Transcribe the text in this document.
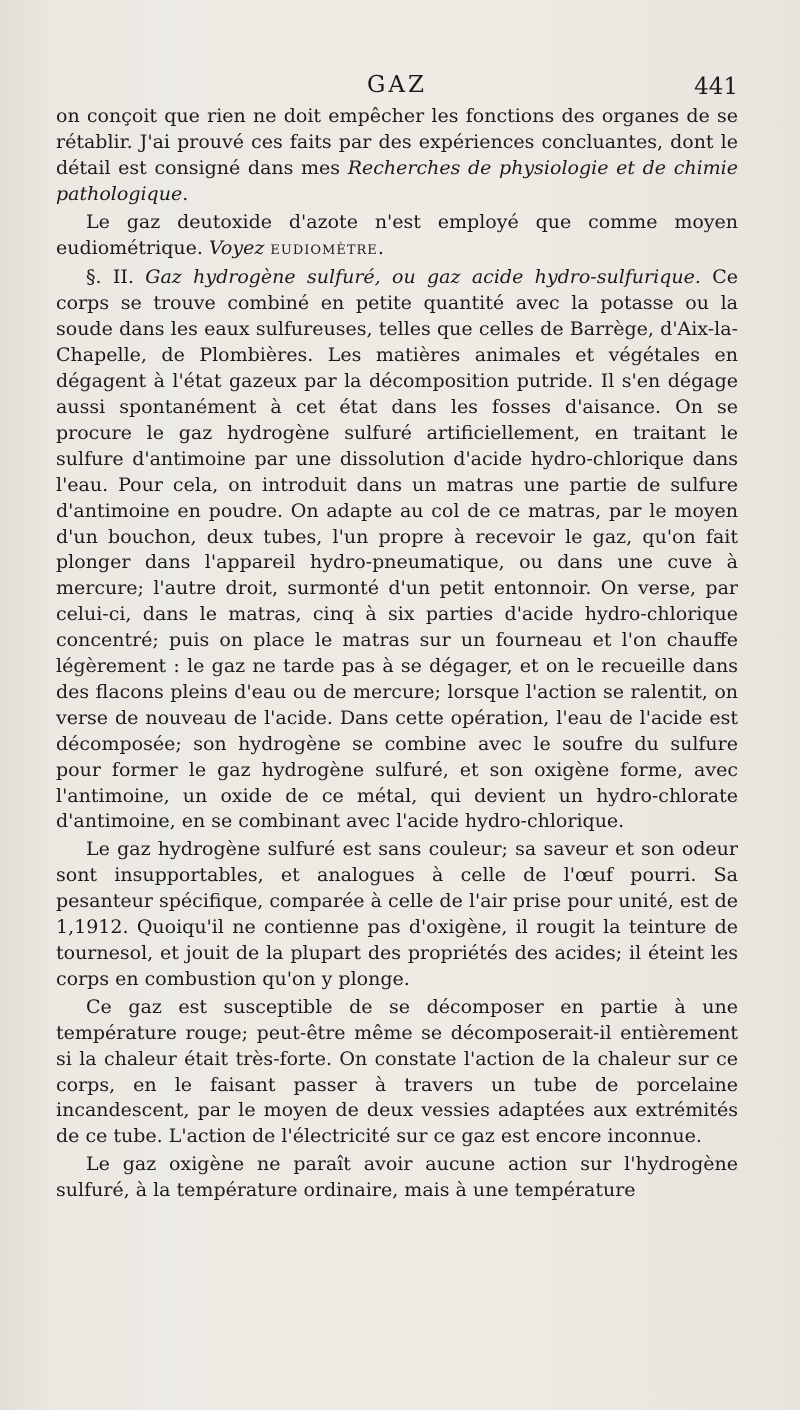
GAZ	441

on conçoit que rien ne doit empêcher les fonctions des organes de se rétablir. J'ai prouvé ces faits par des expériences concluantes, dont le détail est consigné dans mes Recherches de physiologie et de chimie pathologique.

Le gaz deutoxide d'azote n'est employé que comme moyen eudiométrique. Voyez EUDIOMÈTRE.

§. II. Gaz hydrogène sulfuré, ou gaz acide hydro-sulfurique. Ce corps se trouve combiné en petite quantité avec la potasse ou la soude dans les eaux sulfureuses, telles que celles de Barrège, d'Aix-la-Chapelle, de Plombières. Les matières animales et végétales en dégagent à l'état gazeux par la décomposition putride. Il s'en dégage aussi spontanément à cet état dans les fosses d'aisance. On se procure le gaz hydrogène sulfuré artificiellement, en traitant le sulfure d'antimoine par une dissolution d'acide hydro-chlorique dans l'eau. Pour cela, on introduit dans un matras une partie de sulfure d'antimoine en poudre. On adapte au col de ce matras, par le moyen d'un bouchon, deux tubes, l'un propre à recevoir le gaz, qu'on fait plonger dans l'appareil hydro-pneumatique, ou dans une cuve à mercure; l'autre droit, surmonté d'un petit entonnoir. On verse, par celui-ci, dans le matras, cinq à six parties d'acide hydro-chlorique concentré; puis on place le matras sur un fourneau et l'on chauffe légèrement : le gaz ne tarde pas à se dégager, et on le recueille dans des flacons pleins d'eau ou de mercure; lorsque l'action se ralentit, on verse de nouveau de l'acide. Dans cette opération, l'eau de l'acide est décomposée; son hydrogène se combine avec le soufre du sulfure pour former le gaz hydrogène sulfuré, et son oxigène forme, avec l'antimoine, un oxide de ce métal, qui devient un hydro-chlorate d'antimoine, en se combinant avec l'acide hydro-chlorique.

Le gaz hydrogène sulfuré est sans couleur; sa saveur et son odeur sont insupportables, et analogues à celle de l'œuf pourri. Sa pesanteur spécifique, comparée à celle de l'air prise pour unité, est de 1,1912. Quoiqu'il ne contienne pas d'oxigène, il rougit la teinture de tournesol, et jouit de la plupart des propriétés des acides; il éteint les corps en combustion qu'on y plonge.

Ce gaz est susceptible de se décomposer en partie à une température rouge; peut-être même se décomposerait-il entièrement si la chaleur était très-forte. On constate l'action de la chaleur sur ce corps, en le faisant passer à travers un tube de porcelaine incandescent, par le moyen de deux vessies adaptées aux extrémités de ce tube. L'action de l'électricité sur ce gaz est encore inconnue.

Le gaz oxigène ne paraît avoir aucune action sur l'hydrogène sulfuré, à la température ordinaire, mais à une température
